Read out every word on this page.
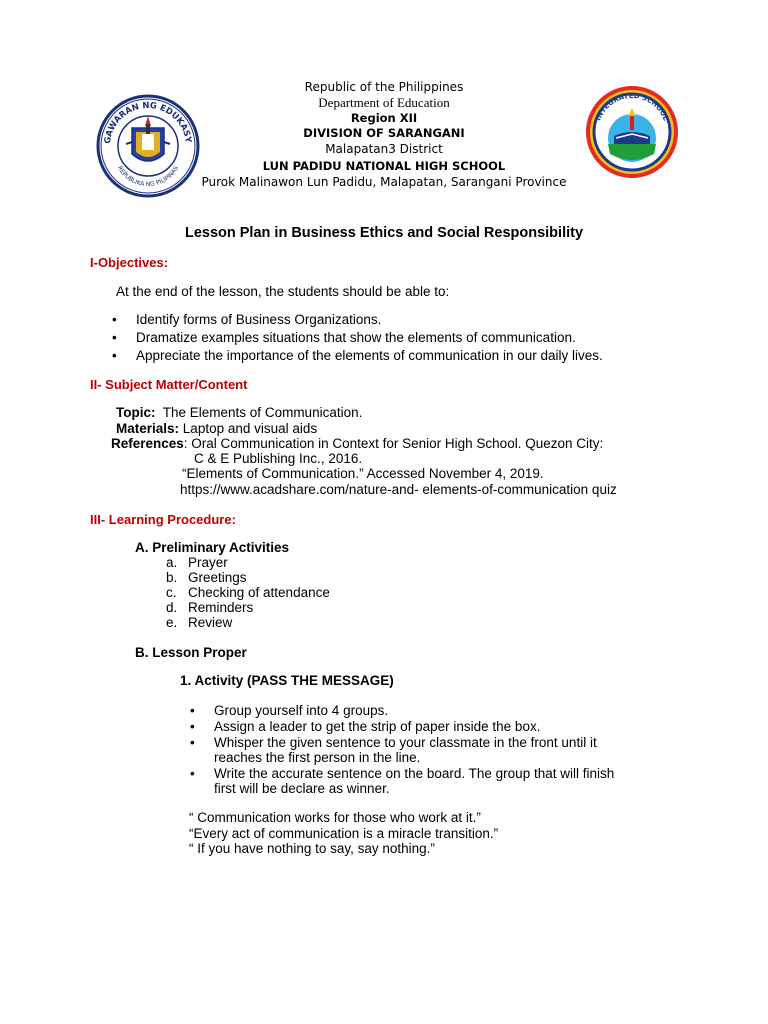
GAWARAN NG EDUKASY
REPUBLIKA NG PILIPINAS
INTEGRATED SCHOOL
Republic of the Philippines
Department of Education
Region XII
DIVISION OF SARANGANI
Malapatan3 District
LUN PADIDU NATIONAL HIGH SCHOOL
Purok Malinawon Lun Padidu, Malapatan, Sarangani Province
Lesson Plan in Business Ethics and Social Responsibility
I-Objectives:
At the end of the lesson, the students should be able to:
• Identify forms of Business Organizations.
• Dramatize examples situations that show the elements of communication.
• Appreciate the importance of the elements of communication in our daily lives.
II- Subject Matter/Content
Topic: The Elements of Communication.
Materials: Laptop and visual aids
References: Oral Communication in Context for Senior High School. Quezon City:
C & E Publishing Inc., 2016.
“Elements of Communication.” Accessed November 4, 2019.
https://www.acadshare.com/nature-and- elements-of-communication quiz
III- Learning Procedure:
A. Preliminary Activities
a. Prayer
b. Greetings
c. Checking of attendance
d. Reminders
e. Review
B. Lesson Proper
1. Activity (PASS THE MESSAGE)
• Group yourself into 4 groups.
• Assign a leader to get the strip of paper inside the box.
• Whisper the given sentence to your classmate in the front until it
reaches the first person in the line.
• Write the accurate sentence on the board. The group that will finish
first will be declare as winner.
“ Communication works for those who work at it.”
“Every act of communication is a miracle transition.”
“ If you have nothing to say, say nothing.”
